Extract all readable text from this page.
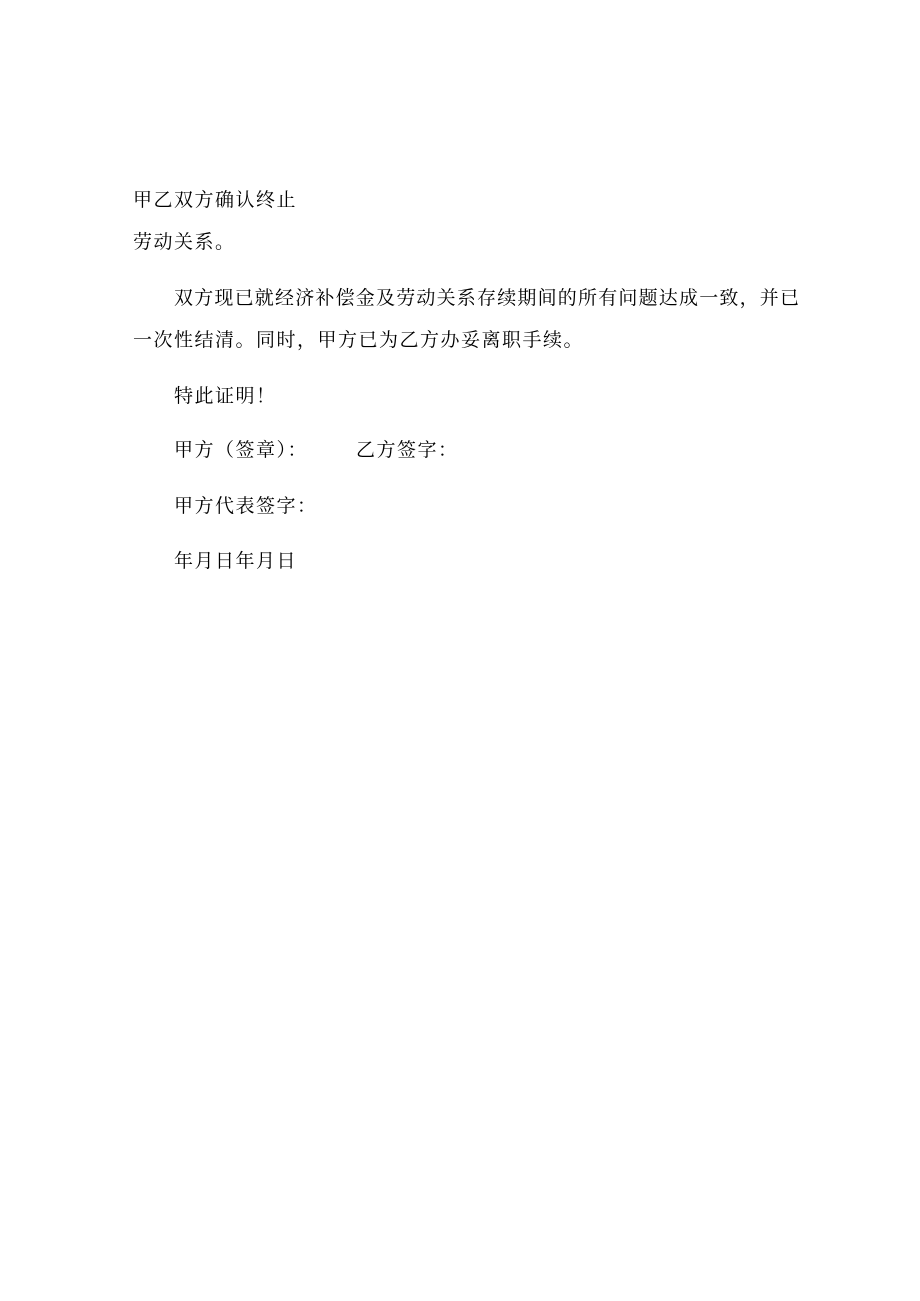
甲乙双方确认终止
劳动关系。
双方现已就经济补偿金及劳动关系存续期间的所有问题达成一致，并已
一次性结清。同时，甲方已为乙方办妥离职手续。
特此证明！
甲方（签章）：	乙方签字：
甲方代表签字：
年月日年月日
